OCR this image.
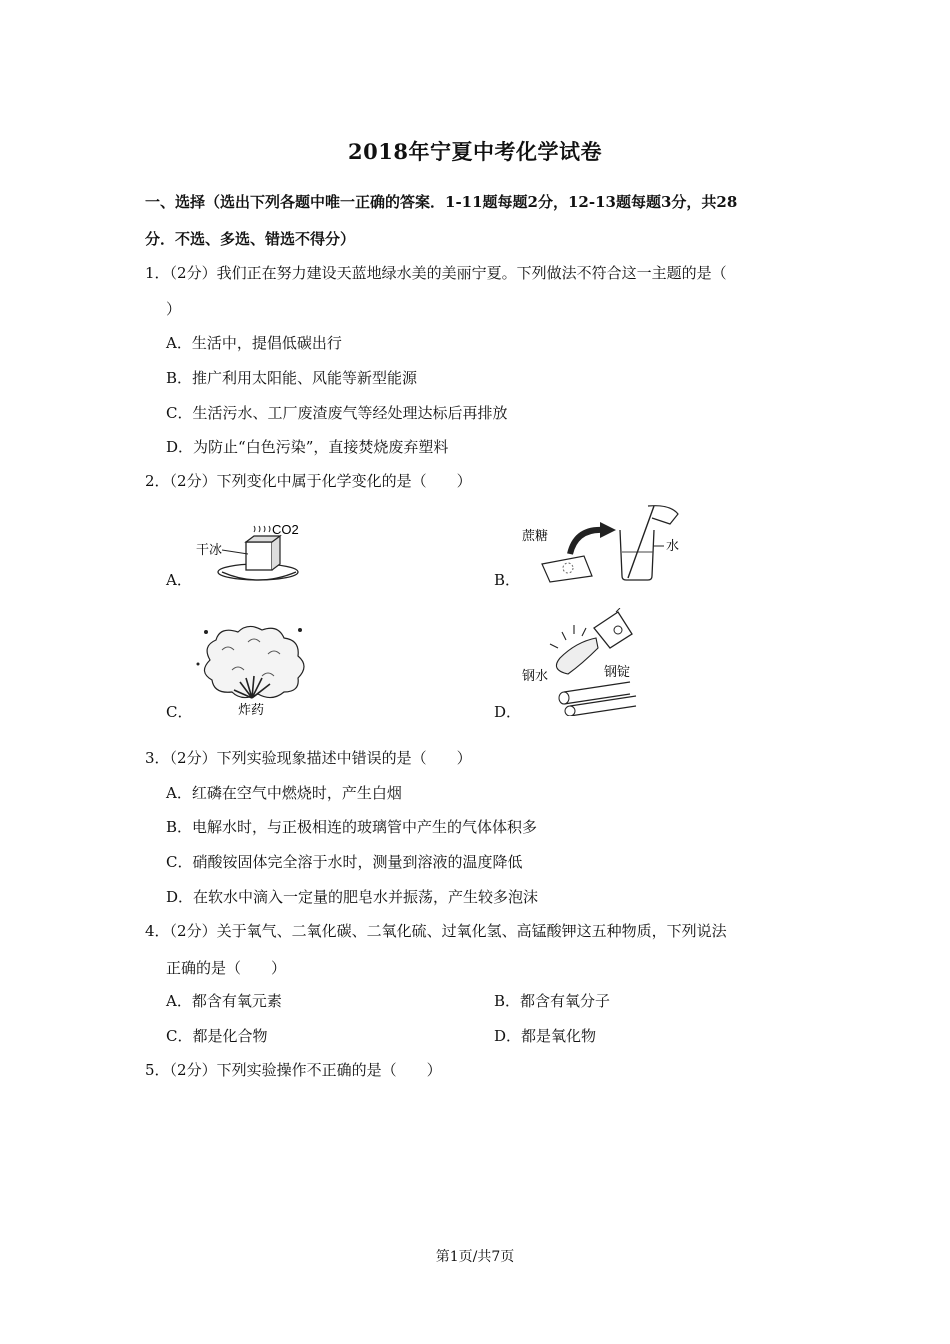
2018年宁夏中考化学试卷
一、选择（选出下列各题中唯一正确的答案．1-11题每题2分，12-13题每题3分，共28
分．不选、多选、错选不得分）
1．（2分）我们正在努力建设天蓝地绿水美的美丽宁夏。下列做法不符合这一主题的是（
）
A．生活中，提倡低碳出行
B．推广利用太阳能、风能等新型能源
C．生活污水、工厂废渣废气等经处理达标后再排放
D．为防止“白色污染”，直接焚烧废弃塑料
2．（2分）下列变化中属于化学变化的是（　　）
A．
干冰
CO2
B．
蔗糖
水
C．	炸药	D．
钢水	钢锭
3．（2分）下列实验现象描述中错误的是（　　）
A．红磷在空气中燃烧时，产生白烟
B．电解水时，与正极相连的玻璃管中产生的气体体积多
C．硝酸铵固体完全溶于水时，测量到溶液的温度降低
D．在软水中滴入一定量的肥皂水并振荡，产生较多泡沫
4．（2分）关于氧气、二氧化碳、二氧化硫、过氧化氢、高锰酸钾这五种物质，下列说法
正确的是（　　）
A．都含有氧元素	B．都含有氧分子
C．都是化合物	D．都是氧化物
5．（2分）下列实验操作不正确的是（　　）
第1页/共7页
